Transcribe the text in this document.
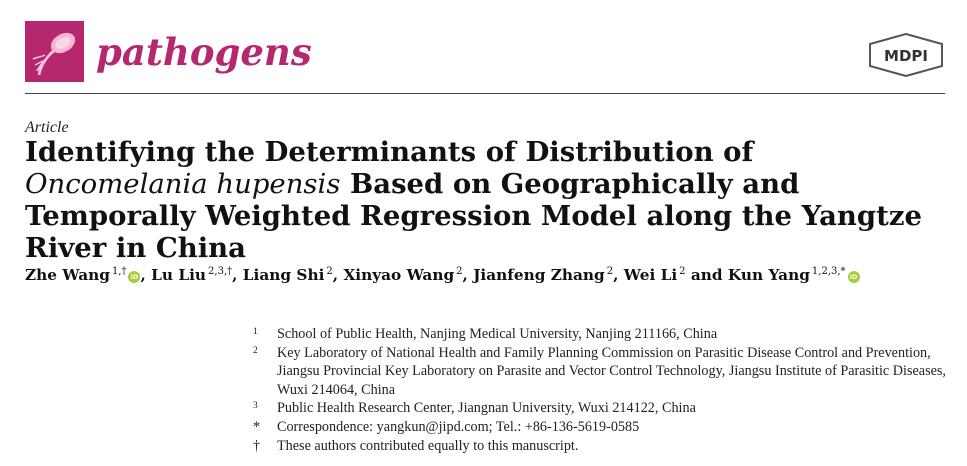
pathogens	MDPI
Article
Identifying the Determinants of Distribution of Oncomelania hupensis Based on Geographically and Temporally Weighted Regression Model along the Yangtze River in China
Zhe Wang $^{1,\dagger}$ iD , Lu Liu $^{2,3,\dagger}$, Liang Shi $^2$, Xinyao Wang $^2$, Jianfeng Zhang $^2$, Wei Li $^2$ and Kun Yang $^{1,2,3,*}$ iD
1	School of Public Health, Nanjing Medical University, Nanjing 211166, China
2	Key Laboratory of National Health and Family Planning Commission on Parasitic Disease Control and Prevention, Jiangsu Provincial Key Laboratory on Parasite and Vector Control Technology, Jiangsu Institute of Parasitic Diseases, Wuxi 214064, China
3	Public Health Research Center, Jiangnan University, Wuxi 214122, China
*	Correspondence: yangkun@jipd.com; Tel.: +86-136-5619-0585
†	These authors contributed equally to this manuscript.
